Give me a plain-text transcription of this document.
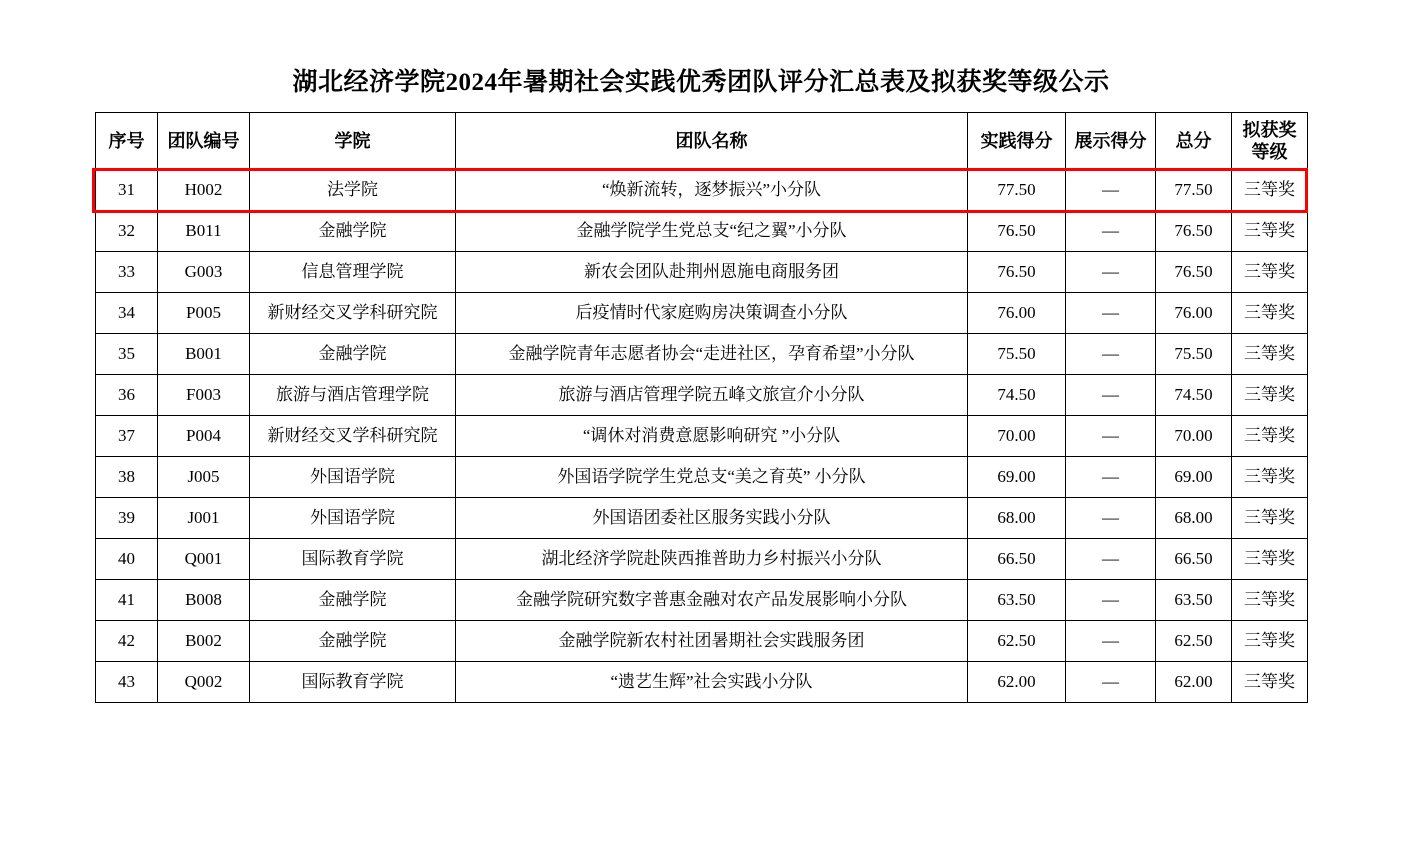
湖北经济学院2024年暑期社会实践优秀团队评分汇总表及拟获奖等级公示
序号	团队编号	学院	团队名称	实践得分	展示得分	总分	拟获奖
等级

31	H002	法学院	“焕新流转，逐梦振兴”小分队	77.50	—	77.50	三等奖
32	B011	金融学院	金融学院学生党总支“纪之翼”小分队	76.50	—	76.50	三等奖
33	G003	信息管理学院	新农会团队赴荆州恩施电商服务团	76.50	—	76.50	三等奖
34	P005	新财经交叉学科研究院	后疫情时代家庭购房决策调查小分队	76.00	—	76.00	三等奖
35	B001	金融学院	金融学院青年志愿者协会“走进社区，孕育希望”小分队	75.50	—	75.50	三等奖
36	F003	旅游与酒店管理学院	旅游与酒店管理学院五峰文旅宣介小分队	74.50	—	74.50	三等奖
37	P004	新财经交叉学科研究院	“调休对消费意愿影响研究 ”小分队	70.00	—	70.00	三等奖
38	J005	外国语学院	外国语学院学生党总支“美之育英” 小分队	69.00	—	69.00	三等奖
39	J001	外国语学院	外国语团委社区服务实践小分队	68.00	—	68.00	三等奖
40	Q001	国际教育学院	湖北经济学院赴陕西推普助力乡村振兴小分队	66.50	—	66.50	三等奖
41	B008	金融学院	金融学院研究数字普惠金融对农产品发展影响小分队	63.50	—	63.50	三等奖
42	B002	金融学院	金融学院新农村社团暑期社会实践服务团	62.50	—	62.50	三等奖
43	Q002	国际教育学院	“遗艺生辉”社会实践小分队	62.00	—	62.00	三等奖
